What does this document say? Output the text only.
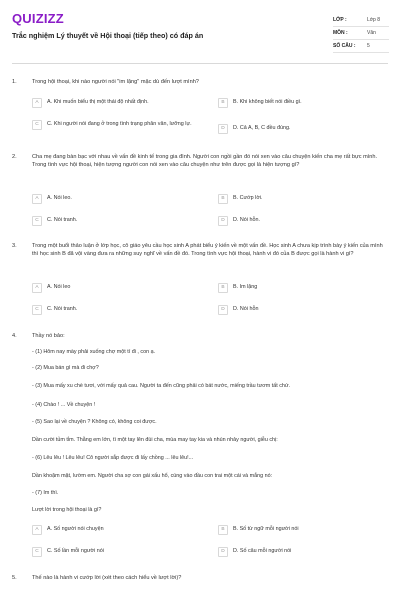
QUIZIZZ
Trắc nghiệm Lý thuyết về Hội thoại (tiếp theo) có đáp án
LỚP :	Lớp 8
MÔN :	Văn
SỐ CÂU : 5
1.	Trong hội thoại, khi nào người nói "im lặng" mặc dù đến lượt mình?
A	A. Khi muốn biểu thị một thái độ nhất định.	B	B. Khi không biết nói điều gì.
C	C. Khi người nói đang ở trong tình trạng phân vân, lưỡng lự.
D	D. Cả A, B, C đều đúng.
2.	Cha mẹ đang bàn bạc với nhau về vấn đề kinh tế trong gia đình. Người con ngồi gần đó nói xen vào câu chuyện kiến cha mẹ rất bực mình. Trong tình vực hội thoại, hiện tượng người con nói xen vào câu chuyện như trên được gọi là hiện tượng gì?
A	A. Nói leo.	B	B. Cướp lời.
C	C. Nói tranh.	D	D. Nói hỗn.
3.	Trong một buổi thảo luận ở lớp học, cô giáo yêu cầu học sinh A phát biểu ý kiến về một vấn đề. Học sinh A chưa kịp trình bày ý kiến của mình thì học sinh B đã vội vàng đưa ra những suy nghĩ về vấn đề đó. Trong tình vực hội thoại, hành vi đó của B được gọi là hành vi gì?
A	A. Nói leo	B	B. Im lặng
C	C. Nói tranh.	D	D. Nói hỗn
4.	Thầy nó bảo:
- (1) Hôm nay mày phải xuống chợ một tí đi , con ạ.
- (2) Mua bán gì mà đi chợ?
- (3) Mua mấy xu chè tươi, với mấy quả cau. Người ta đến cũng phải có bát nước, miếng trầu tươm tất chứ.
- (4) Chào ! ... Về chuyện !
- (5) Sao lại về chuyện ? Không có, không coi được.
Dần cười tủm tỉm. Thằng em lớn, tì một tay lên đùi cha, mùa may tay kia và nhún nhảy người, giễu chị:
- (6) Lêu lêu ! Lêu lêu! Cô người sắp được đi lấy chồng ... lêu lêu!...
Dần khoặm mặt, lườm em. Người cha sợ con gái xấu hổ, cúng vào đầu con trai một cái và mắng nó:
- (7) Im thì.
Lượt lời trong hội thoại là gì?
A	A. Số người nói chuyện	B	B. Số từ ngữ mỗi người nói
C	C. Số lần mỗi người nói	D	D. Số câu mỗi người nói
5.	Thế nào là hành vi cướp lời (xét theo cách hiểu về lượt lời)?
